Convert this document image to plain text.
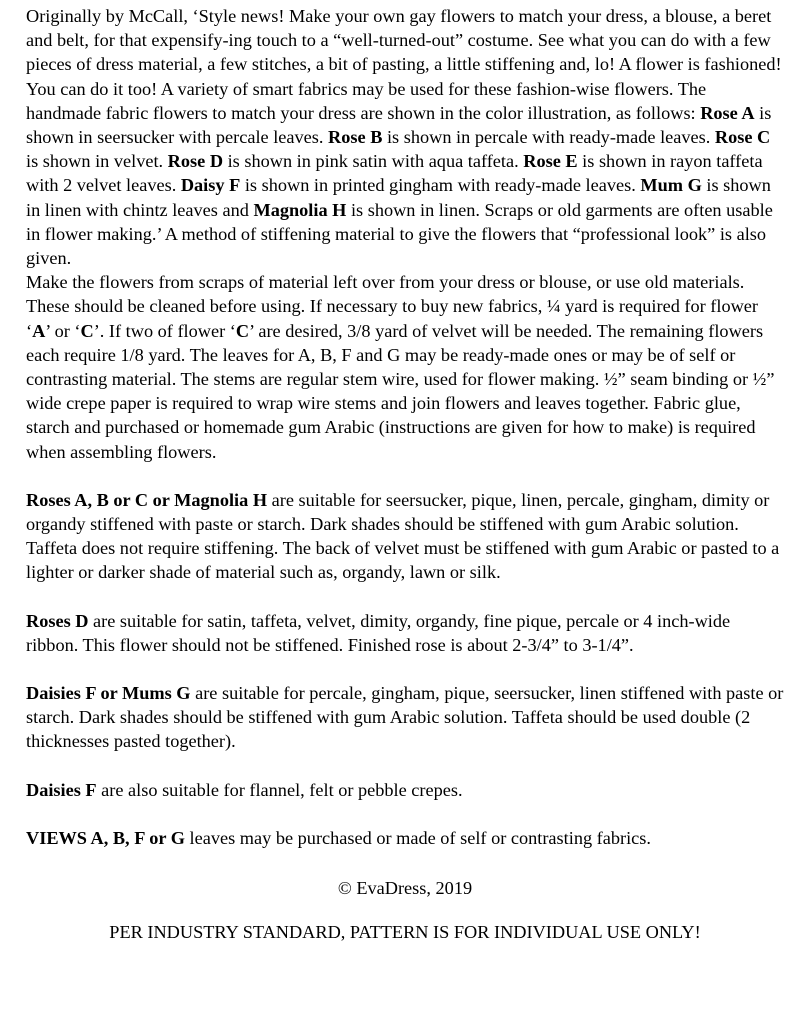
Originally by McCall, ‘Style news! Make your own gay flowers to match your dress, a blouse, a beret and belt, for that expensify-ing touch to a “well-turned-out” costume. See what you can do with a few pieces of dress material, a few stitches, a bit of pasting, a little stiffening and, lo! A flower is fashioned! You can do it too! A variety of smart fabrics may be used for these fashion-wise flowers. The handmade fabric flowers to match your dress are shown in the color illustration, as follows: Rose A is shown in seersucker with percale leaves. Rose B is shown in percale with ready-made leaves. Rose C is shown in velvet. Rose D is shown in pink satin with aqua taffeta. Rose E is shown in rayon taffeta with 2 velvet leaves. Daisy F is shown in printed gingham with ready-made leaves. Mum G is shown in linen with chintz leaves and Magnolia H is shown in linen. Scraps or old garments are often usable in flower making.’ A method of stiffening material to give the flowers that “professional look” is also given.

Make the flowers from scraps of material left over from your dress or blouse, or use old materials. These should be cleaned before using. If necessary to buy new fabrics, ¼ yard is required for flower ‘A’ or ‘C’. If two of flower ‘C’ are desired, 3/8 yard of velvet will be needed. The remaining flowers each require 1/8 yard. The leaves for A, B, F and G may be ready-made ones or may be of self or contrasting material. The stems are regular stem wire, used for flower making. ½” seam binding or ½” wide crepe paper is required to wrap wire stems and join flowers and leaves together. Fabric glue, starch and purchased or homemade gum Arabic (instructions are given for how to make) is required when assembling flowers.

Roses A, B or C or Magnolia H are suitable for seersucker, pique, linen, percale, gingham, dimity or organdy stiffened with paste or starch. Dark shades should be stiffened with gum Arabic solution. Taffeta does not require stiffening. The back of velvet must be stiffened with gum Arabic or pasted to a lighter or darker shade of material such as, organdy, lawn or silk.

Roses D are suitable for satin, taffeta, velvet, dimity, organdy, fine pique, percale or 4 inch-wide ribbon. This flower should not be stiffened. Finished rose is about 2-3/4” to 3-1/4”.

Daisies F or Mums G are suitable for percale, gingham, pique, seersucker, linen stiffened with paste or starch. Dark shades should be stiffened with gum Arabic solution. Taffeta should be used double (2 thicknesses pasted together).

Daisies F are also suitable for flannel, felt or pebble crepes.

VIEWS A, B, F or G leaves may be purchased or made of self or contrasting fabrics.

© EvaDress, 2019

PER INDUSTRY STANDARD, PATTERN IS FOR INDIVIDUAL USE ONLY!
